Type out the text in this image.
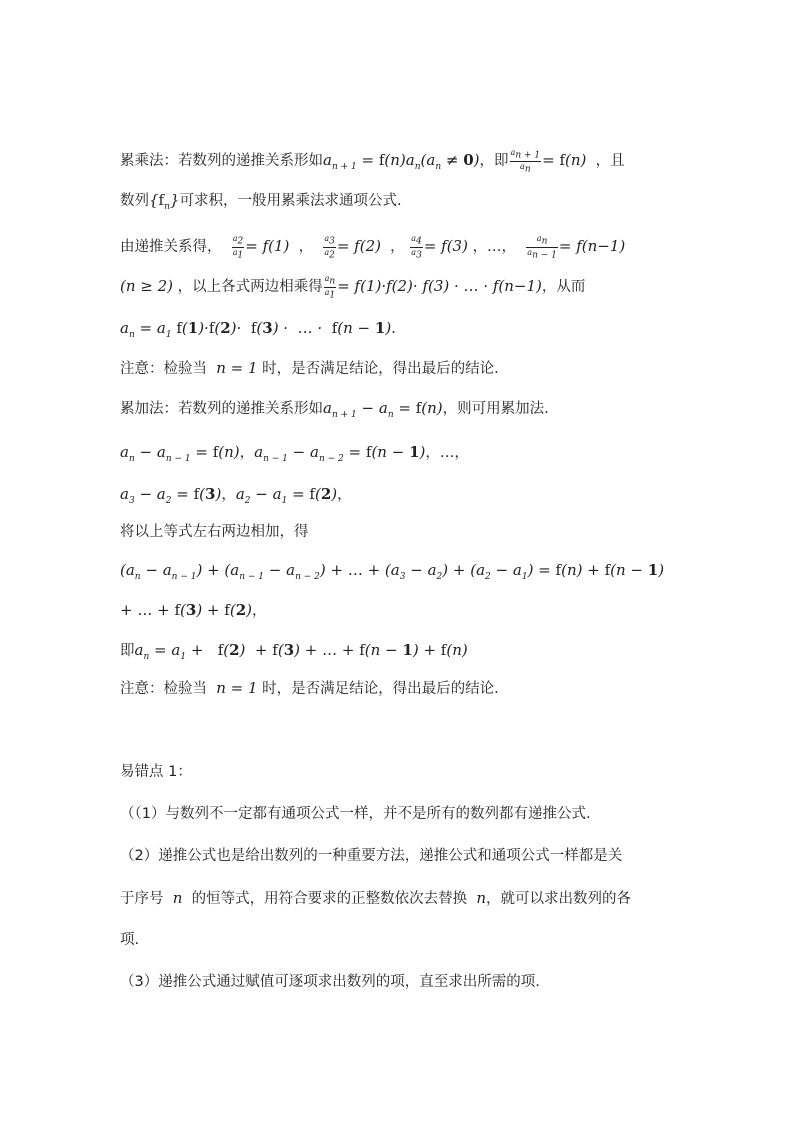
累乘法：若数列的递推关系形如$a_{n + 1} = f(n)a_n(a_n \ne 0)$，即 $\frac{a_{n + 1}}{a_n} = f(n)$ ，且
数列$\{f_n\}$可求积，一般用累乘法求通项公式.
由递推关系得， $\frac{a_2}{a_1} = f(1)$  ， $\frac{a_3}{a_2} = f(2)$  ， $\frac{a_4}{a_3} = f(3)$ ，…， $\frac{a_n}{a_{n - 1}} = f(n-1)$
(n ≥ 2) ，以上各式两边相乘得 $\frac{a_n}{a_1} = f(1)\cdot f(2)\cdot f(3)$ · … · f(n−1)，从而
$a_n = a_1$ f(1)·f(2)·  f(3) ·  … ·  f(n − 1).
注意：检验当 n = 1 时，是否满足结论，得出最后的结论.
累加法：若数列的递推关系形如$a_{n + 1} - a_n = f(n)$，则可用累加法.
$a_n - a_{n - 1} = f(n)$，$a_{n - 1} - a_{n - 2} = f(n - 1)$，…，
$a_3 - a_2 = f(3)$，$a_2 - a_1 = f(2)$，
将以上等式左右两边相加，得
$(a_n - a_{n - 1}) + (a_{n - 1} - a_{n - 2})$ + … + $(a_3 - a_2) + (a_2 - a_1) = f(n) + f(n - 1)$
+ … + f(3) + f(2)，
即$a_n = a_1 + f(2) + f(3)$ + … + f(n − 1) + f(n)
注意：检验当 n = 1 时，是否满足结论，得出最后的结论.
易错点 1：
（（1）与数列不一定都有通项公式一样，并不是所有的数列都有递推公式.
（2）递推公式也是给出数列的一种重要方法，递推公式和通项公式一样都是关
于序号 n 的恒等式，用符合要求的正整数依次去替换 n，就可以求出数列的各
项.
（3）递推公式通过赋值可逐项求出数列的项，直至求出所需的项.
